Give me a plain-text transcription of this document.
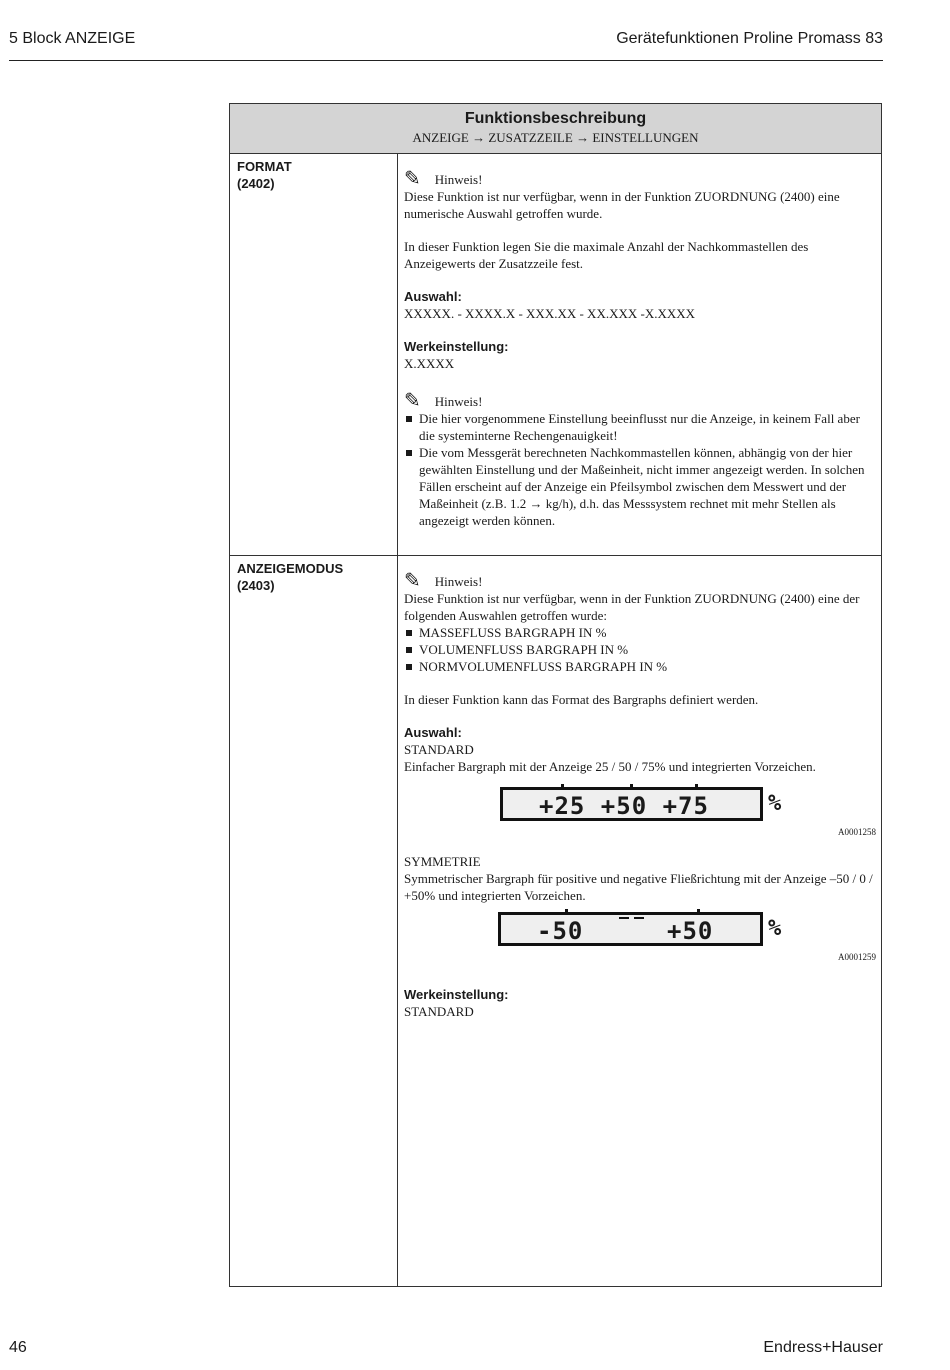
5 Block ANZEIGE	Gerätefunktionen Proline Promass 83
Funktionsbeschreibung
ANZEIGE → ZUSATZZEILE → EINSTELLUNGEN
FORMAT
(2402)	✎ Hinweis!

Diese Funktion ist nur verfügbar, wenn in der Funktion ZUORDNUNG (2400) eine numerische Auswahl getroffen wurde.

In dieser Funktion legen Sie die maximale Anzahl der Nachkommastellen des Anzeigewerts der Zusatzzeile fest.

Auswahl:

XXXXX. - XXXX.X - XXX.XX - XX.XXX -X.XXXX

Werkeinstellung:

X.XXXX

✎ Hinweis!
Die hier vorgenommene Einstellung beeinflusst nur die Anzeige, in keinem Fall aber die systeminterne Rechengenauigkeit!
Die vom Messgerät berechneten Nachkommastellen können, abhängig von der hier gewählten Einstellung und der Maßeinheit, nicht immer angezeigt werden. In solchen Fällen erscheint auf der Anzeige ein Pfeilsymbol zwischen dem Messwert und der Maßeinheit (z.B. 1.2 → kg/h), d.h. das Messsystem rechnet mit mehr Stellen als angezeigt werden können.
ANZEIGEMODUS
(2403)	✎ Hinweis!

Diese Funktion ist nur verfügbar, wenn in der Funktion ZUORDNUNG (2400) eine der folgenden Auswahlen getroffen wurde:

MASSEFLUSS BARGRAPH IN %
VOLUMENFLUSS BARGRAPH IN %
NORMVOLUMENFLUSS BARGRAPH IN %

In dieser Funktion kann das Format des Bargraphs definiert werden.

Auswahl:

STANDARD

Einfacher Bargraph mit der Anzeige 25 / 50 / 75% und integrierten Vorzeichen.

+25 +50 +75	%
A0001258

SYMMETRIE

Symmetrischer Bargraph für positive und negative Fließrichtung mit der Anzeige –50 / 0 / +50% und integrierten Vorzeichen.

-50	+50 %
A0001259

Werkeinstellung:

STANDARD

46	Endress+Hauser
